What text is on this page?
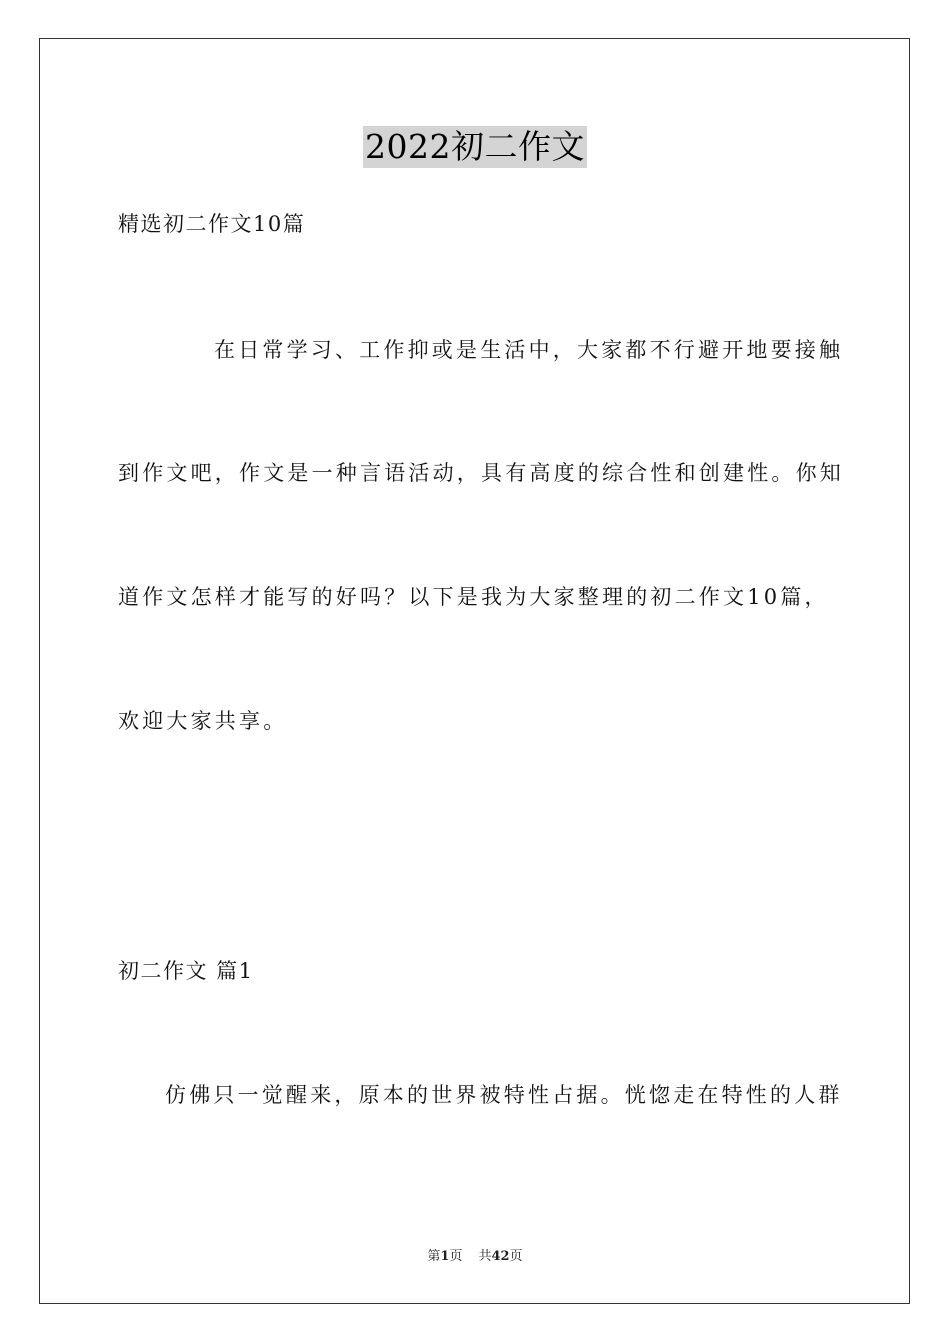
2022初二作文
精选初二作文10篇
在日常学习、工作抑或是生活中，大家都不行避开地要接触
到作文吧，作文是一种言语活动，具有高度的综合性和创建性。你知
道作文怎样才能写的好吗？以下是我为大家整理的初二作文10篇，
欢迎大家共享。
初二作文 篇1
仿佛只一觉醒来，原本的世界被特性占据。恍惚走在特性的人群
第1页 共42页
